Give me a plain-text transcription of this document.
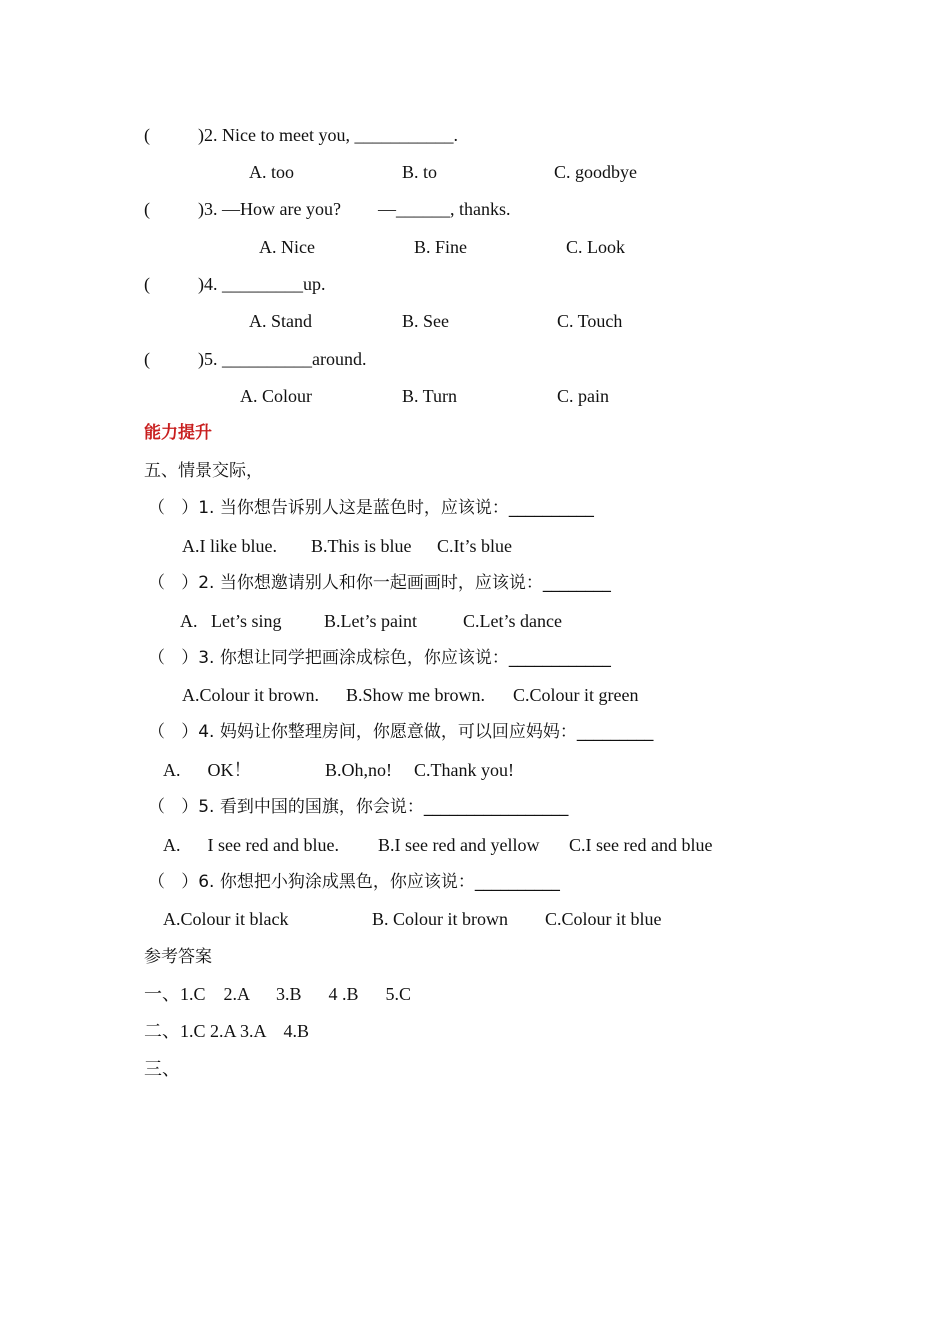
(	)2. Nice to meet you, ___________.
A. too	B. to	C. goodbye
(	)3. —How are you? —______, thanks.
A. Nice	B. Fine	C. Look
(	)4. _________up.
A. Stand	B. See	C. Touch
(	)5. __________around.
A. Colour	B. Turn	C. pain
能力提升
五、情景交际，
（   ）1. 当你想告诉别人这是蓝色时，应该说：__________
A.I like blue. B.This is blue C.It’s blue
（   ）2. 当你想邀请别人和你一起画画时，应该说：________
A.   Let’s sing B.Let’s paint	C.Let’s dance
（   ）3. 你想让同学把画涂成棕色，你应该说：____________
A.Colour it brown. B.Show me brown. C.Colour it green
（   ）4. 妈妈让你整理房间，你愿意做，可以回应妈妈：_________
A.      OK！	B.Oh,no! C.Thank you!
（   ）5. 看到中国的国旗，你会说：_________________
A.      I see red and blue. B.I see red and yellow C.I see red and blue
（   ）6. 你想把小狗涂成黑色，你应该说：__________
A.Colour it black	B. Colour it brown C.Colour it blue
参考答案
一、1.C    2.A      3.B      4 .B      5.C
二、1.C 2.A 3.A    4.B
三、
